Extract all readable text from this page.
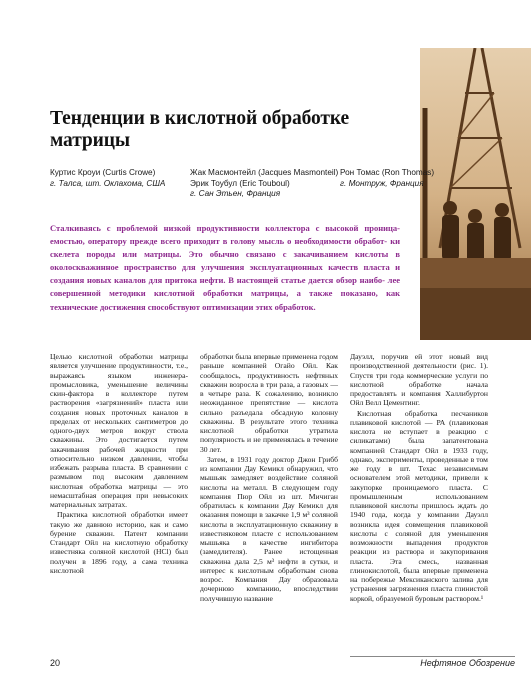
Тенденции в кислотной обработке матрицы
Куртис Кроуи (Curtis Crowe)
г. Талса, шт. Оклахома, США
Жак Масмонтейл (Jacques Masmonteil)
Эрик Тоубул (Eric Touboul)
г. Сан Этьен, Франция
Рон Томас (Ron Thomas)
г. Монтруж, Франция
Сталкиваясь с проблемой низкой продуктивности коллектора с высокой проница- емостью, оператору прежде всего приходит в голову мысль о необходимости обработ- ки скелета породы или матрицы. Это обычно связано с закачиванием кислоты в околоскважинное пространство для улучшения эксплуатационных качеств пласта и создания новых каналов для притока нефти. В настоящей статье дается обзор наибо- лее совершенной методики кислотной обработки матрицы, а также показано, как технические достижения способствуют оптимизации этих обработок.

Целью кислотной обработки матрицы является улучшение продуктивности, т.е., выражаясь языком инженера-промысловика, уменьшение величины скин-фактора в коллекторе путем растворения «загрязнений» пласта или создания новых проточных каналов в пределах от нескольких сантиметров до одного-двух метров вокруг ствола скважины. Это достигается путем закачивания рабочей жидкости при относительно низком давлении, чтобы избежать разрыва пласта. В сравнении с размывом под высоким давлением кислотная обработка матрицы — это немасштабная операция при невысоких материальных затратах.

Практика кислотной обработки имеет такую же давнюю историю, как и само бурение скважин. Патент компании Стандарт Ойл на кислотную обработку известняка соляной кислотой (HCl) был получен в 1896 году, а сама техника кислотной

обработки была впервые применена годом раньше компанией Огайо Ойл. Как сообщалось, продуктивность нефтяных скважин возросла в три раза, а газовых — в четыре раза. К сожалению, возникло неожиданное препятствие — кислота сильно разъедала обсадную колонну скважины. В результате этого техника кислотной обработки утратила популярность и не применялась в течение 30 лет.

Затем, в 1931 году доктор Джон Грибб из компании Дау Кемикл обнаружил, что мышьяк замедляет воздействие соляной кислоты на металл. В следующем году компания Пюр Ойл из шт. Мичиган обратилась к компании Дау Кемикл для оказания помощи в закачке 1,9 м³ соляной кислоты в эксплуатационную скважину в известняковом пласте с использованием мышьяка в качестве ингибитора (замедлителя). Ранее истощенная скважина дала 2,5 м³ нефти в сутки, и интерес к кислотным обработкам снова возрос. Компания Дау образовала дочернюю компанию, впоследствии получившую название

Дауэлл, поручив ей этот новый вид производственной деятельности (рис. 1). Спустя три года коммерческие услуги по кислотной обработке начала предоставлять и компания Халлибуртон Ойл Велл Цементинг.

Кислотная обработка песчаников плавиковой кислотой — РА (плавиковая кислота не вступает в реакцию с силикатами) была запатентована компанией Стандарт Ойл в 1933 году, однако, эксперименты, проведенные в том же году в шт. Техас независимым основателем этой методики, привели к закупорке проницаемого пласта. С промышленным использованием плавиковой кислоты пришлось ждать до 1940 года, когда у компании Дауэлл возникла идея совмещения плавиковой кислоты с соляной для уменьшения возможности выпадения продуктов реакции из раствора и закупоривания пласта. Эта смесь, названная глинокислотой, была впервые применена на побережье Мексиканского залива для устранения загрязнения пласта глинистой коркой, образуемой буровым раствором.¹

20	Нефтяное Обозрение
